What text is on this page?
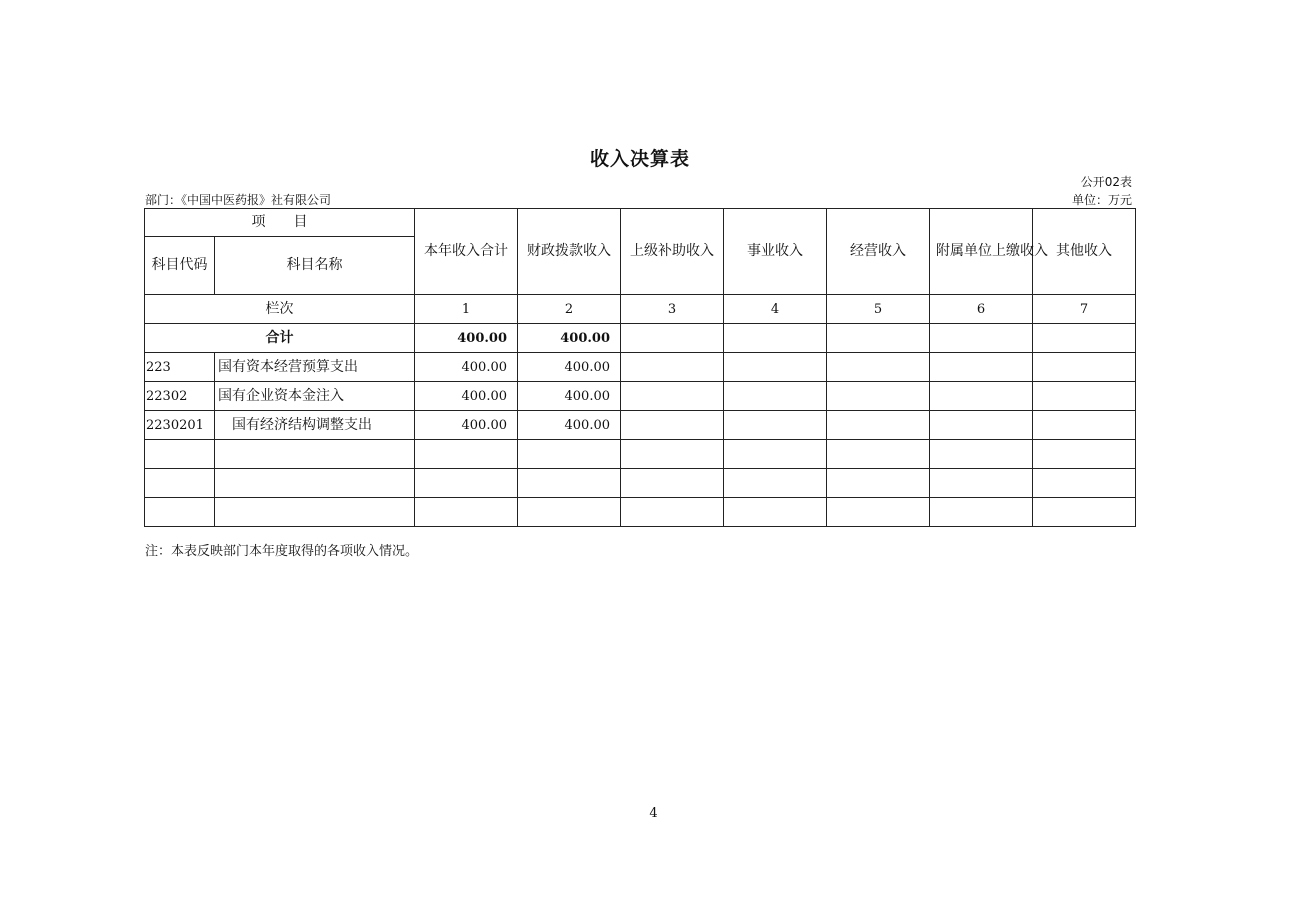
收入决算表
公开02表
部门：《中国中医药报》社有限公司	单位：万元
项　　目		本年收入合计	财政拨款收入	上级补助收入	事业收入	经营收入	附属单位上缴收入	其他收入
科目代码	科目名称							
栏次		1	2	3	4	5	6	7
合计		400.00	400.00					
223	国有资本经营预算支出	400.00	400.00					
22302	国有企业资本金注入	400.00	400.00					
2230201	国有经济结构调整支出	400.00	400.00					

注：本表反映部门本年度取得的各项收入情况。
4
